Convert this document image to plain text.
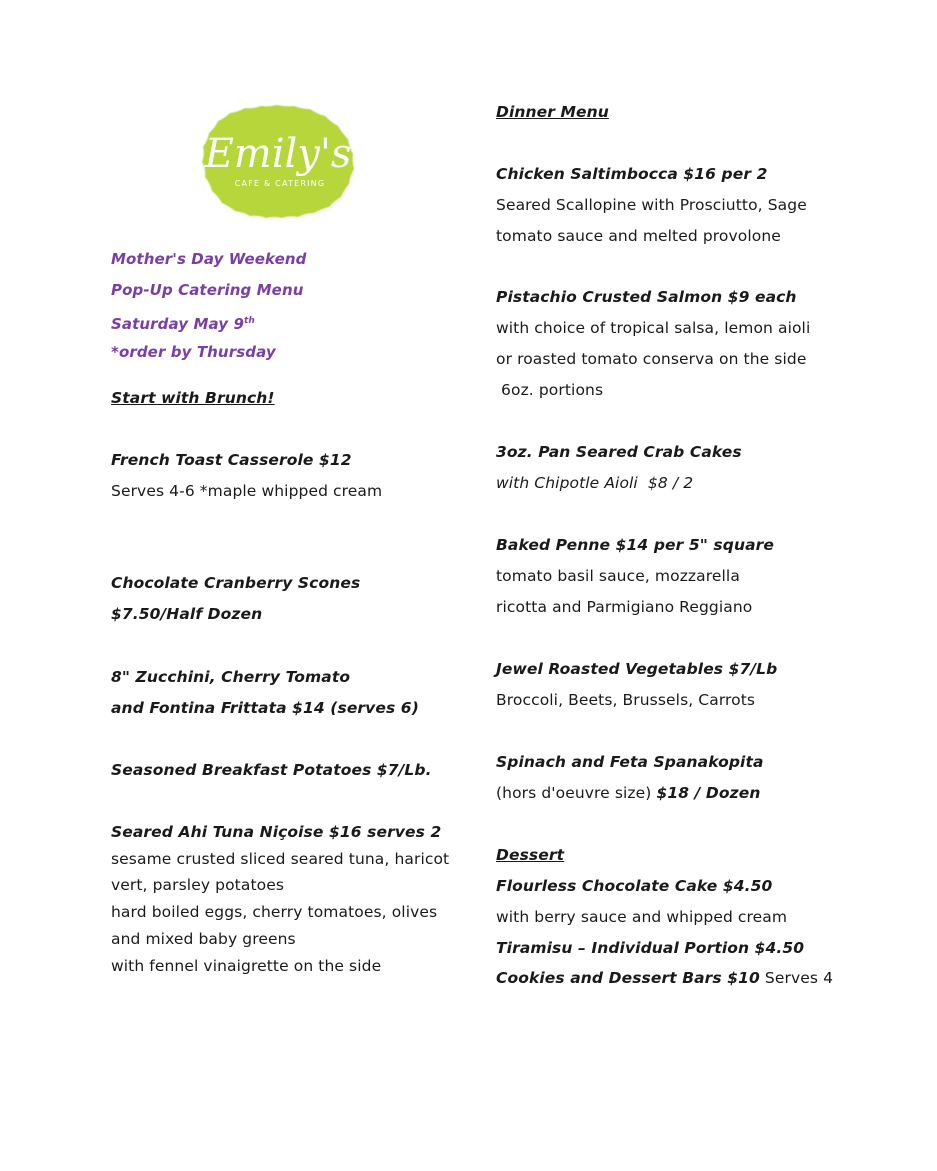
Emily's
CAFE & CATERING
Mother's Day Weekend
Pop-Up Catering Menu
Saturday May 9th
*order by Thursday
Start with Brunch!
French Toast Casserole $12
Serves 4-6 *maple whipped cream
Chocolate Cranberry Scones
$7.50/Half Dozen
8" Zucchini, Cherry Tomato
and Fontina Frittata $14 (serves 6)
Seasoned Breakfast Potatoes $7/Lb.
Seared Ahi Tuna Niçoise $16 serves 2
sesame crusted sliced seared tuna, haricot
vert, parsley potatoes
hard boiled eggs, cherry tomatoes, olives
and mixed baby greens
with fennel vinaigrette on the side
Dinner Menu
Chicken Saltimbocca $16 per 2
Seared Scallopine with Prosciutto, Sage
tomato sauce and melted provolone
Pistachio Crusted Salmon $9 each
with choice of tropical salsa, lemon aioli
or roasted tomato conserva on the side
6oz. portions
3oz. Pan Seared Crab Cakes
with Chipotle Aioli  $8 / 2
Baked Penne $14 per 5" square
tomato basil sauce, mozzarella
ricotta and Parmigiano Reggiano
Jewel Roasted Vegetables $7/Lb
Broccoli, Beets, Brussels, Carrots
Spinach and Feta Spanakopita
(hors d'oeuvre size) $18 / Dozen
Dessert
Flourless Chocolate Cake $4.50
with berry sauce and whipped cream
Tiramisu – Individual Portion $4.50
Cookies and Dessert Bars $10 Serves 4
